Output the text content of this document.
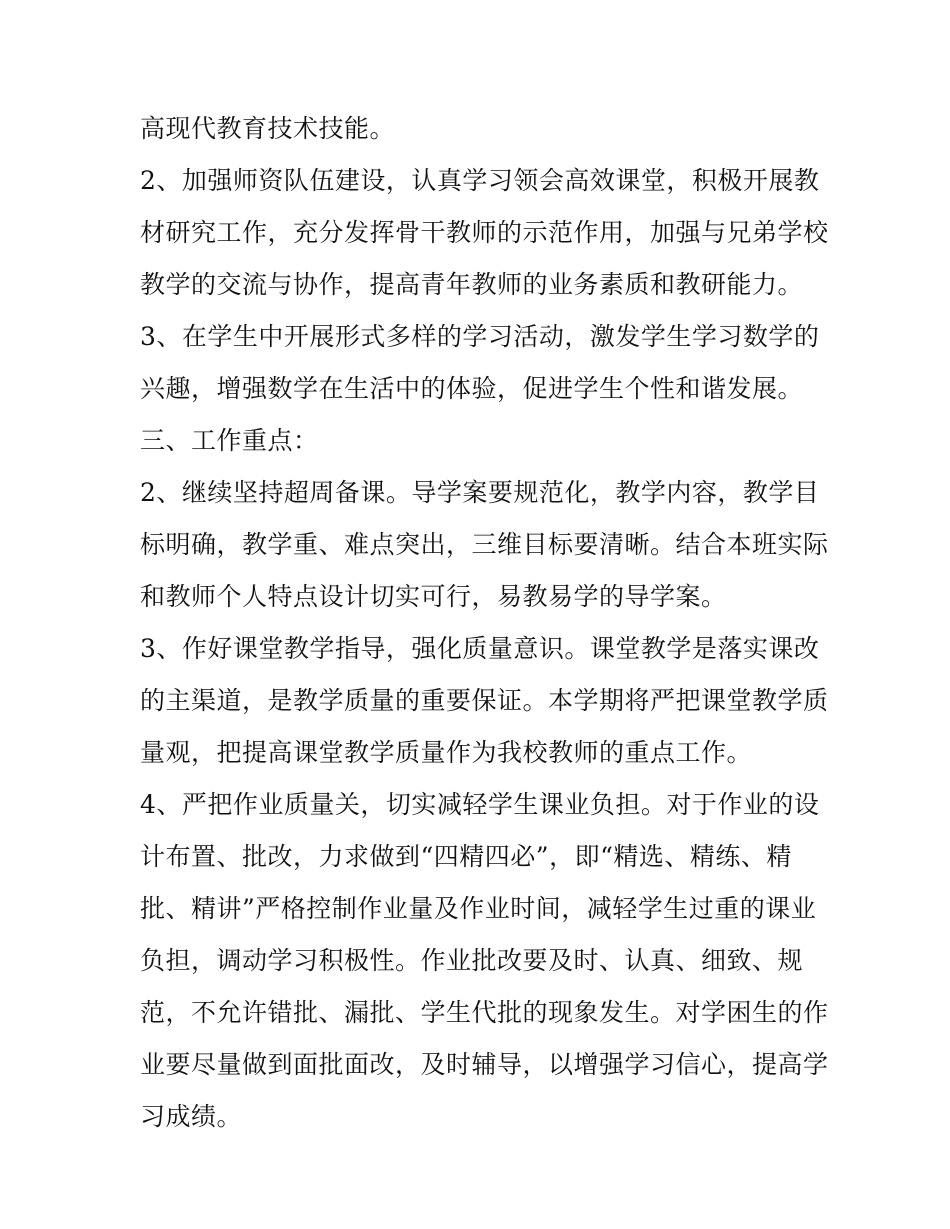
高现代教育技术技能。
2、加强师资队伍建设，认真学习领会高效课堂，积极开展教
材研究工作，充分发挥骨干教师的示范作用，加强与兄弟学校
教学的交流与协作，提高青年教师的业务素质和教研能力。
3、在学生中开展形式多样的学习活动，激发学生学习数学的
兴趣，增强数学在生活中的体验，促进学生个性和谐发展。
三、工作重点：
2、继续坚持超周备课。导学案要规范化，教学内容，教学目
标明确，教学重、难点突出，三维目标要清晰。结合本班实际
和教师个人特点设计切实可行，易教易学的导学案。
3、作好课堂教学指导，强化质量意识。课堂教学是落实课改
的主渠道，是教学质量的重要保证。本学期将严把课堂教学质
量观，把提高课堂教学质量作为我校教师的重点工作。
4、严把作业质量关，切实减轻学生课业负担。对于作业的设
计布置、批改，力求做到“四精四必”，即“精选、精练、精
批、精讲”严格控制作业量及作业时间，减轻学生过重的课业
负担，调动学习积极性。作业批改要及时、认真、细致、规
范，不允许错批、漏批、学生代批的现象发生。对学困生的作
业要尽量做到面批面改，及时辅导，以增强学习信心，提高学
习成绩。
